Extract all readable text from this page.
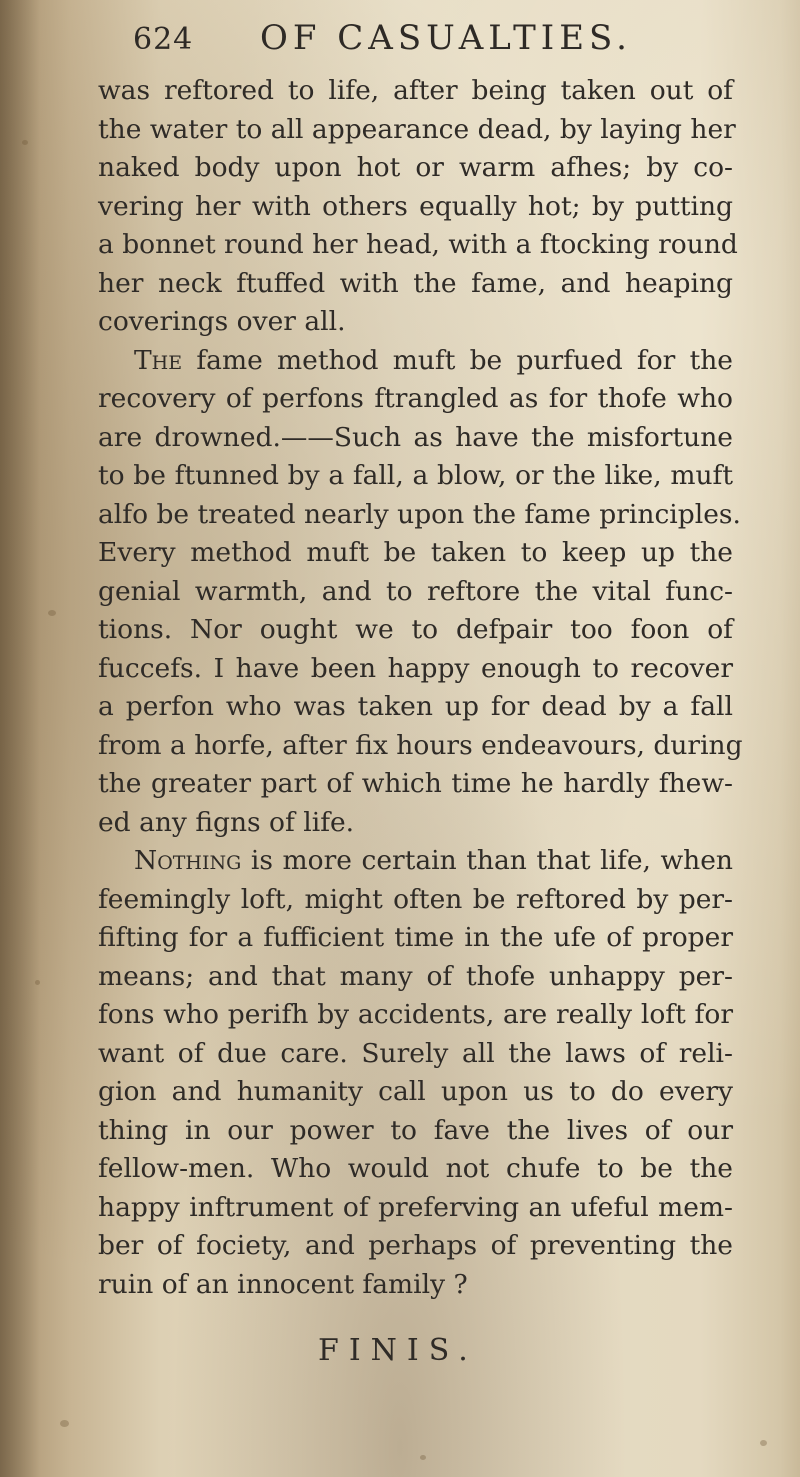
624 OF CASUALTIES.
was reftored to life, after being taken out of
the water to all appearance dead, by laying her
naked body upon hot or warm afhes; by co-
vering her with others equally hot; by putting
a bonnet round her head, with a ftocking round
her neck ftuffed with the fame, and heaping
coverings over all.
The fame method muft be purfued for the
recovery of perfons ftrangled as for thofe who
are drowned.——Such as have the misfortune
to be ftunned by a fall, a blow, or the like, muft
alfo be treated nearly upon the fame principles.
Every method muft be taken to keep up the
genial warmth, and to reftore the vital func-
tions. Nor ought we to defpair too foon of
fuccefs. I have been happy enough to recover
a perfon who was taken up for dead by a fall
from a horfe, after fix hours endeavours, during
the greater part of which time he hardly fhew-
ed any figns of life.
Nothing is more certain than that life, when
feemingly loft, might often be reftored by per-
fifting for a fufficient time in the ufe of proper
means; and that many of thofe unhappy per-
fons who perifh by accidents, are really loft for
want of due care. Surely all the laws of reli-
gion and humanity call upon us to do every
thing in our power to fave the lives of our
fellow-men. Who would not chufe to be the
happy inftrument of preferving an ufeful mem-
ber of fociety, and perhaps of preventing the
ruin of an innocent family ?
FINIS.
